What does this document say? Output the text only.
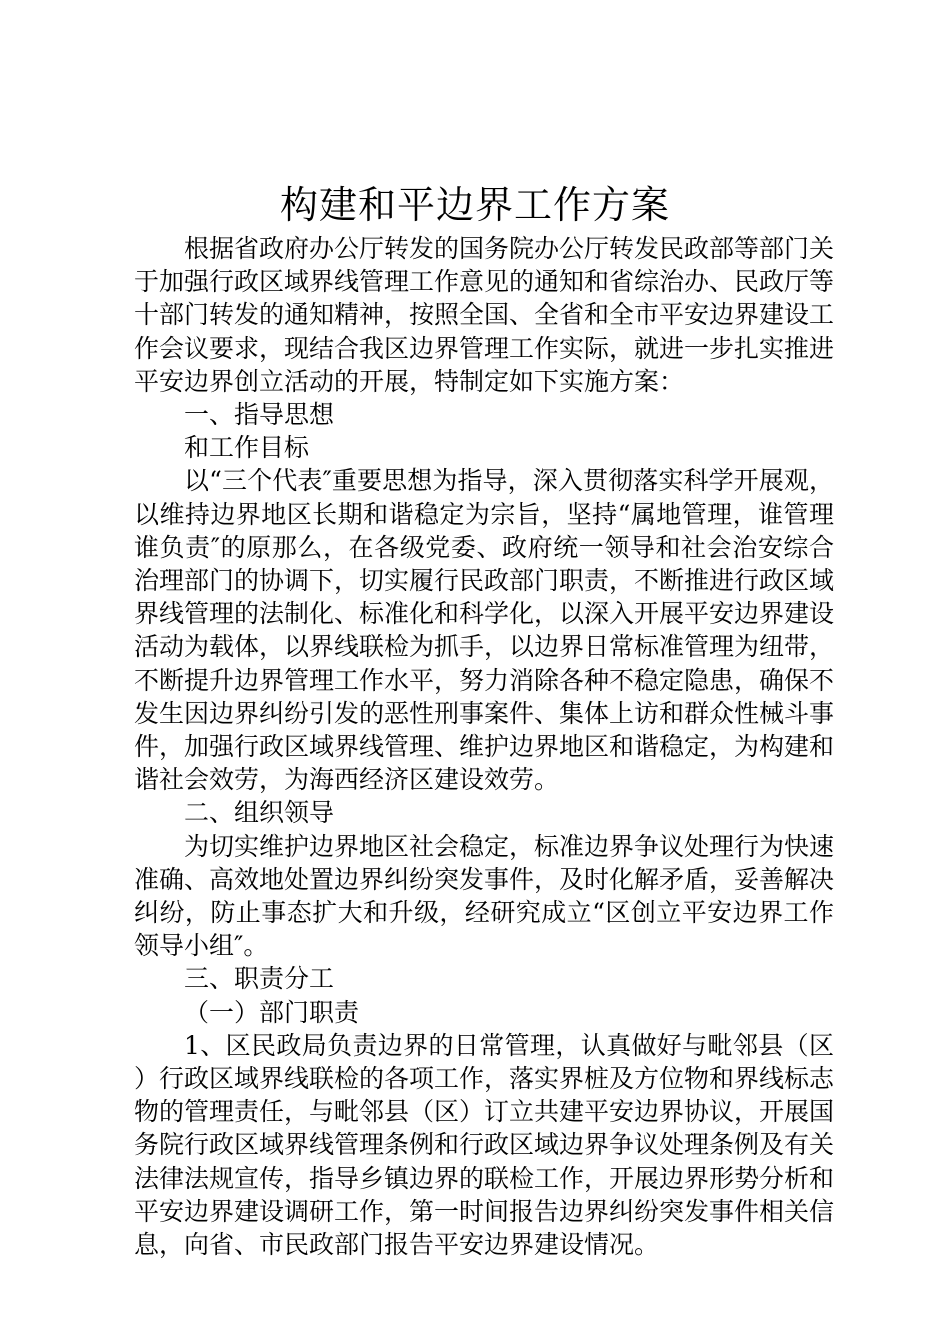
构建和平边界工作方案

根据省政府办公厅转发的国务院办公厅转发民政部等部门关于加强行政区域界线管理工作意见的通知和省综治办、民政厅等十部门转发的通知精神，按照全国、全省和全市平安边界建设工作会议要求，现结合我区边界管理工作实际，就进一步扎实推进平安边界创立活动的开展，特制定如下实施方案：

一、指导思想

和工作目标

以“三个代表″重要思想为指导，深入贯彻落实科学开展观，以维持边界地区长期和谐稳定为宗旨，坚持“属地管理，谁管理谁负责″的原那么，在各级党委、政府统一领导和社会治安综合治理部门的协调下，切实履行民政部门职责，不断推进行政区域界线管理的法制化、标准化和科学化，以深入开展平安边界建设活动为载体，以界线联检为抓手，以边界日常标准管理为纽带，不断提升边界管理工作水平，努力消除各种不稳定隐患，确保不发生因边界纠纷引发的恶性刑事案件、集体上访和群众性械斗事件，加强行政区域界线管理、维护边界地区和谐稳定，为构建和谐社会效劳，为海西经济区建设效劳。

二、组织领导

为切实维护边界地区社会稳定，标准边界争议处理行为快速准确、高效地处置边界纠纷突发事件，及时化解矛盾，妥善解决纠纷，防止事态扩大和升级，经研究成立“区创立平安边界工作领导小组″。

三、职责分工

（一）部门职责

1、区民政局负责边界的日常管理，认真做好与毗邻县（区）行政区域界线联检的各项工作，落实界桩及方位物和界线标志物的管理责任，与毗邻县（区）订立共建平安边界协议，开展国务院行政区域界线管理条例和行政区域边界争议处理条例及有关法律法规宣传，指导乡镇边界的联检工作，开展边界形势分析和平安边界建设调研工作，第一时间报告边界纠纷突发事件相关信息，向省、市民政部门报告平安边界建设情况。
